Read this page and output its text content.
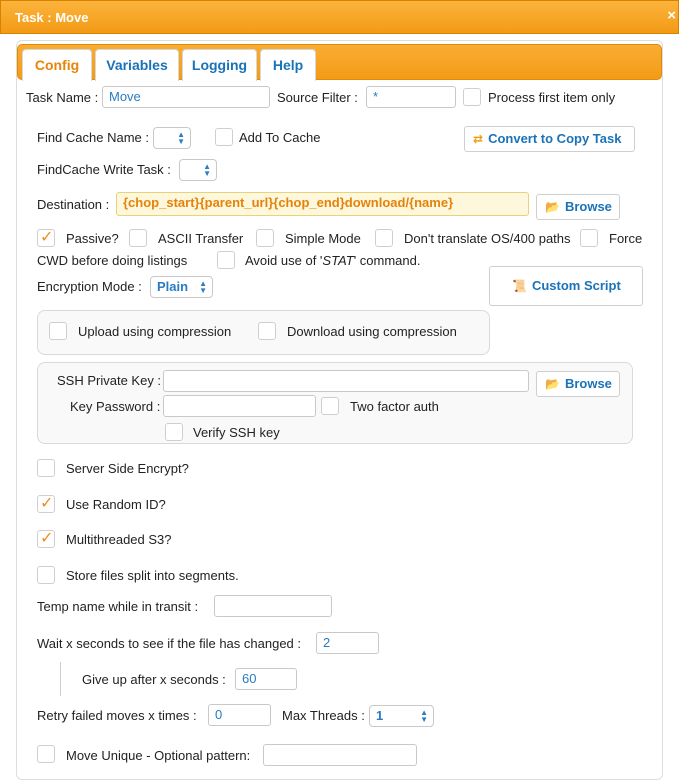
Task : Move	×
Config	Variables	Logging	Help
Task Name : Move	Source Filter :	*	Process first item only
Find Cache Name :	▲
▼	Add To Cache	⇄ Convert to Copy Task
FindCache Write Task :	▲
▼
Destination :	{chop_start}{parent_url}{chop_end}download/{name}	📂 Browse
✓ Passive?	ASCII Transfer	Simple Mode	Don't translate OS/400 paths	Force
CWD before doing listings	Avoid use of 'STAT' command.
📜 Custom Script
Encryption Mode :	Plain ▲
▼
Upload using compression	Download using compression
SSH Private Key :	📂 Browse
Key Password :	Two factor auth
Verify SSH key
Server Side Encrypt?
✓ Use Random ID?
✓ Multithreaded S3?
Store files split into segments.
Temp name while in transit :
Wait x seconds to see if the file has changed :	2
Give up after x seconds :	60
Retry failed moves x times :	0	Max Threads : 1	▲
▼
Move Unique - Optional pattern:
